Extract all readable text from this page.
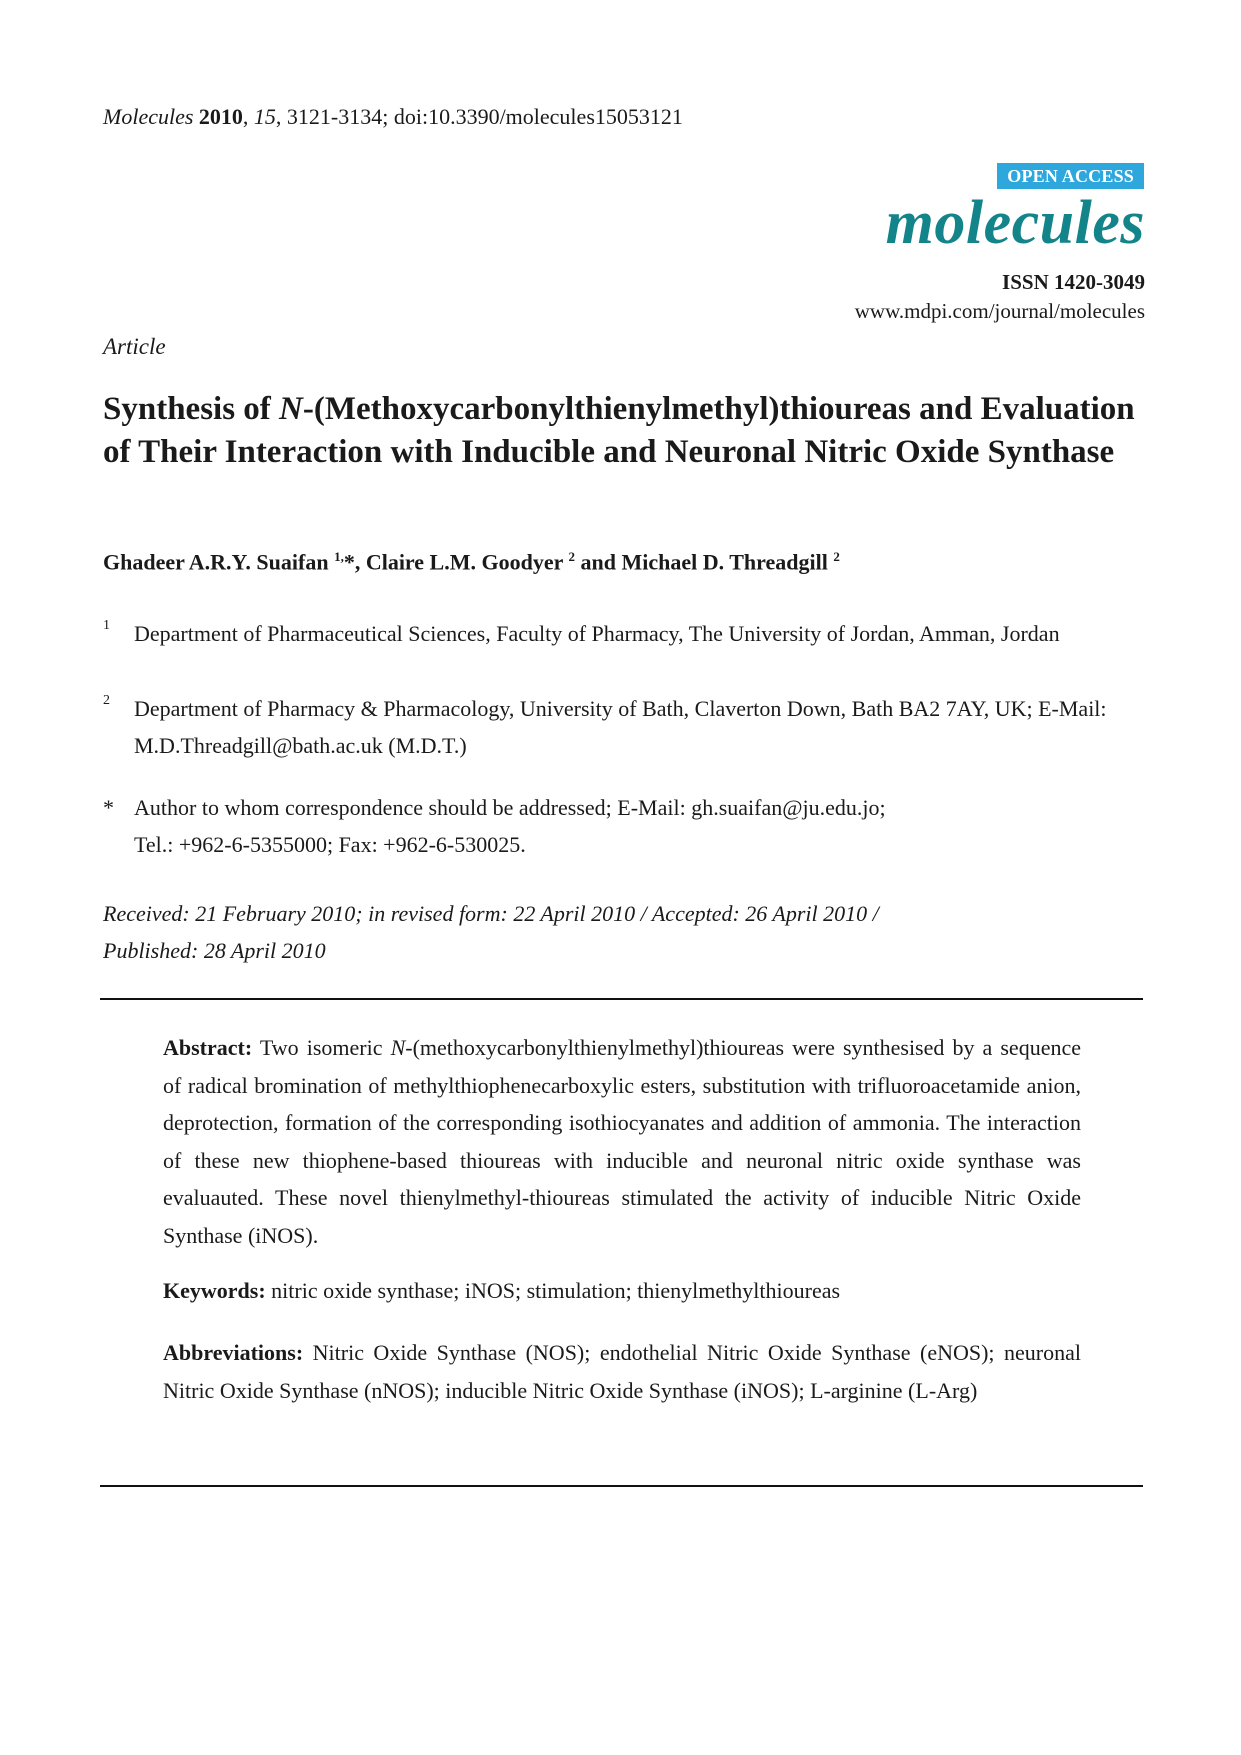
Molecules 2010, 15, 3121-3134; doi:10.3390/molecules15053121
OPEN ACCESS
molecules
ISSN 1420-3049
www.mdpi.com/journal/molecules
Article
Synthesis of N-(Methoxycarbonylthienylmethyl)thioureas and Evaluation of Their Interaction with Inducible and Neuronal Nitric Oxide Synthase
Ghadeer A.R.Y. Suaifan $^{1,}$*, Claire L.M. Goodyer $^2$ and Michael D. Threadgill $^2$
1 Department of Pharmaceutical Sciences, Faculty of Pharmacy, The University of Jordan, Amman, Jordan
2 Department of Pharmacy & Pharmacology, University of Bath, Claverton Down, Bath BA2 7AY, UK; E-Mail: M.D.Threadgill@bath.ac.uk (M.D.T.)
* Author to whom correspondence should be addressed; E-Mail: gh.suaifan@ju.edu.jo;
Tel.: +962-6-5355000; Fax: +962-6-530025.
Received: 21 February 2010; in revised form: 22 April 2010 / Accepted: 26 April 2010 /
Published: 28 April 2010
Abstract: Two isomeric N-(methoxycarbonylthienylmethyl)thioureas were synthesised by a sequence of radical bromination of methylthiophenecarboxylic esters, substitution with trifluoroacetamide anion, deprotection, formation of the corresponding isothiocyanates and addition of ammonia. The interaction of these new thiophene-based thioureas with inducible and neuronal nitric oxide synthase was evaluauted. These novel thienylmethyl-thioureas stimulated the activity of inducible Nitric Oxide Synthase (iNOS).
Keywords: nitric oxide synthase; iNOS; stimulation; thienylmethylthioureas
Abbreviations: Nitric Oxide Synthase (NOS); endothelial Nitric Oxide Synthase (eNOS); neuronal Nitric Oxide Synthase (nNOS); inducible Nitric Oxide Synthase (iNOS); L-arginine (L-Arg)
